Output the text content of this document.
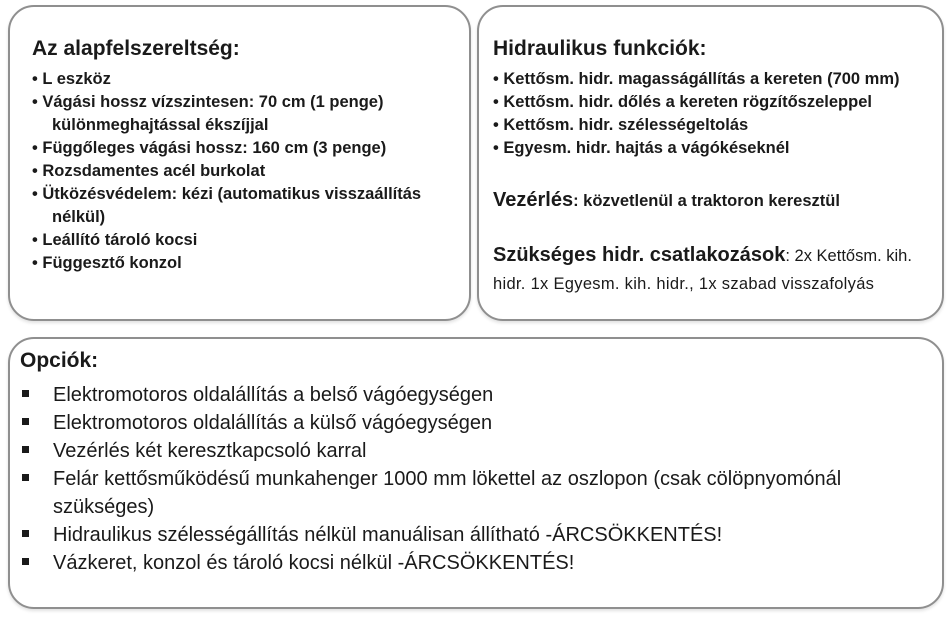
Az alapfelszereltség:
• L eszköz
• Vágási hossz vízszintesen: 70 cm (1 penge)
különmeghajtással ékszíjjal
• Függőleges vágási hossz: 160 cm (3 penge)
• Rozsdamentes acél burkolat
• Ütközésvédelem: kézi (automatikus visszaállítás
nélkül)
• Leállító tároló kocsi
• Függesztő konzol
Hidraulikus funkciók:
• Kettősm. hidr. magasságállítás a kereten (700 mm)
• Kettősm. hidr. dőlés a kereten rögzítőszeleppel
• Kettősm. hidr. szélességeltolás
• Egyesm. hidr. hajtás a vágókéseknél
Vezérlés: közvetlenül a traktoron keresztül
Szükséges hidr. csatlakozások: 2x Kettősm. kih.
hidr. 1x Egyesm. kih. hidr., 1x szabad visszafolyás
Opciók:
Elektromotoros oldalállítás a belső vágóegységen
Elektromotoros oldalállítás a külső vágóegységen
Vezérlés két keresztkapcsoló karral
Felár kettősműködésű munkahenger 1000 mm lökettel az oszlopon (csak cölöpnyomónál
szükséges)
Hidraulikus szélességállítás nélkül manuálisan állítható -ÁRCSÖKKENTÉS!
Vázkeret, konzol és tároló kocsi nélkül -ÁRCSÖKKENTÉS!
